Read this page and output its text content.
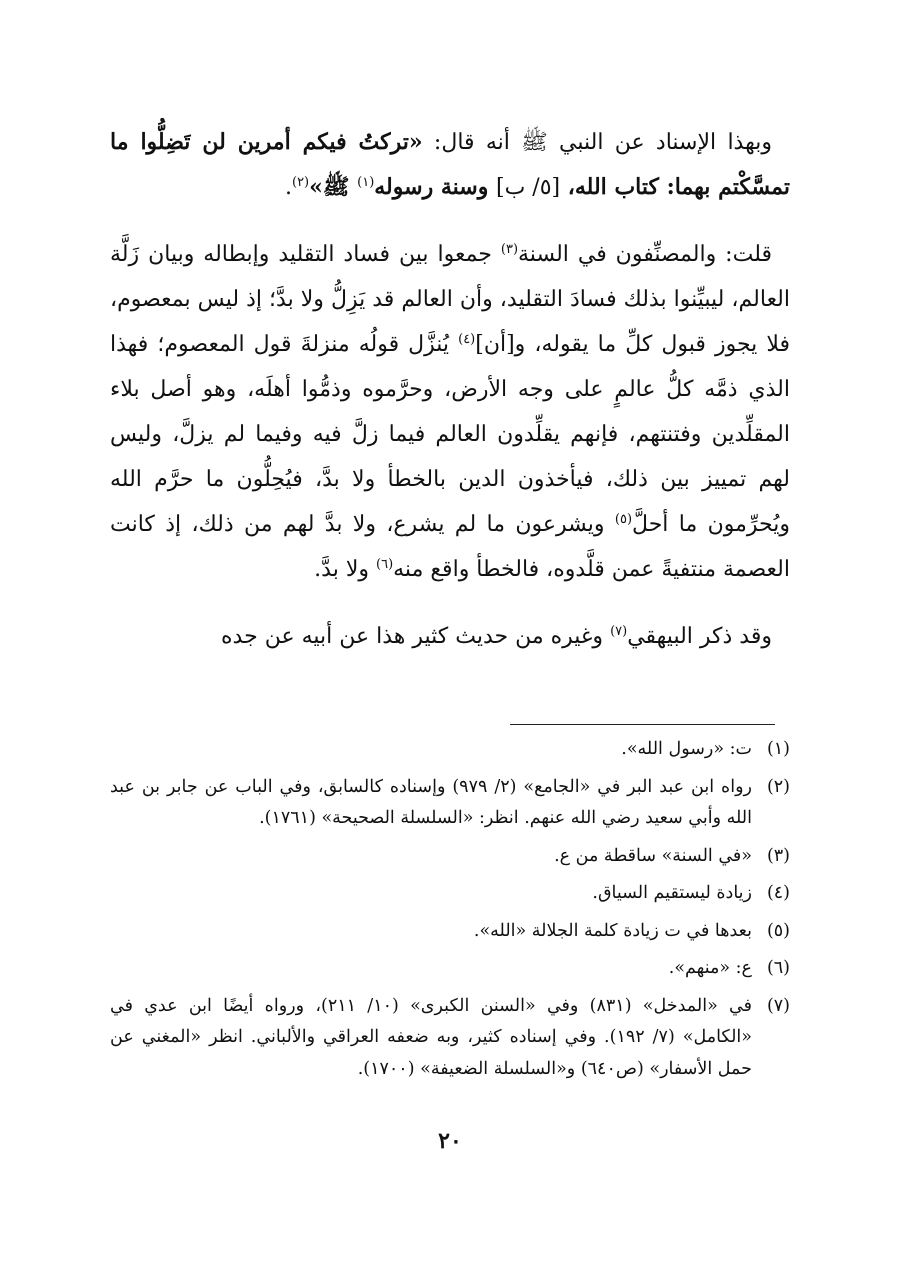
وبهذا الإسناد عن النبي ﷺ أنه قال: «تركتُ فيكم أمرين لن تَضِلُّوا ما تمسَّكْتم بهما: كتاب الله، [٥/ ب] وسنة رسوله$^{(١)}$ ﷺ»$^{(٢)}$.

قلت: والمصنِّفون في السنة$^{(٣)}$ جمعوا بين فساد التقليد وإبطاله وبيان زَلَّة العالم، ليبيِّنوا بذلك فسادَ التقليد، وأن العالم قد يَزِلُّ ولا بدَّ؛ إذ ليس بمعصوم، فلا يجوز قبول كلِّ ما يقوله، و[أن]$^{(٤)}$ يُنزَّل قولُه منزلةَ قول المعصوم؛ فهذا الذي ذمَّه كلُّ عالمٍ على وجه الأرض، وحرَّموه وذمُّوا أهلَه، وهو أصل بلاء المقلِّدين وفتنتهم، فإنهم يقلِّدون العالم فيما زلَّ فيه وفيما لم يزلَّ، وليس لهم تمييز بين ذلك، فيأخذون الدين بالخطأ ولا بدَّ، فيُحِلُّون ما حرَّم الله ويُحرِّمون ما أحلَّ$^{(٥)}$ ويشرعون ما لم يشرع، ولا بدَّ لهم من ذلك، إذ كانت العصمة منتفيةً عمن قلَّدوه، فالخطأ واقع منه$^{(٦)}$ ولا بدَّ.

وقد ذكر البيهقي$^{(٧)}$ وغيره من حديث كثير هذا عن أبيه عن جده

(١)
ت: «رسول الله».
(٢)
رواه ابن عبد البر في «الجامع» (٢/ ٩٧٩) وإسناده كالسابق، وفي الباب عن جابر بن عبد الله وأبي سعيد رضي الله عنهم. انظر: «السلسلة الصحيحة» (١٧٦١).
(٣)
«في السنة» ساقطة من ع.
(٤)
زيادة ليستقيم السياق.
(٥)
بعدها في ت زيادة كلمة الجلالة «الله».
(٦)
ع: «منهم».
(٧)
في «المدخل» (٨٣١) وفي «السنن الكبرى» (١٠/ ٢١١)، ورواه أيضًا ابن عدي في «الكامل» (٧/ ١٩٢). وفي إسناده كثير، وبه ضعفه العراقي والألباني. انظر «المغني عن حمل الأسفار» (ص٦٤٠) و«السلسلة الضعيفة» (١٧٠٠).
٢٠
